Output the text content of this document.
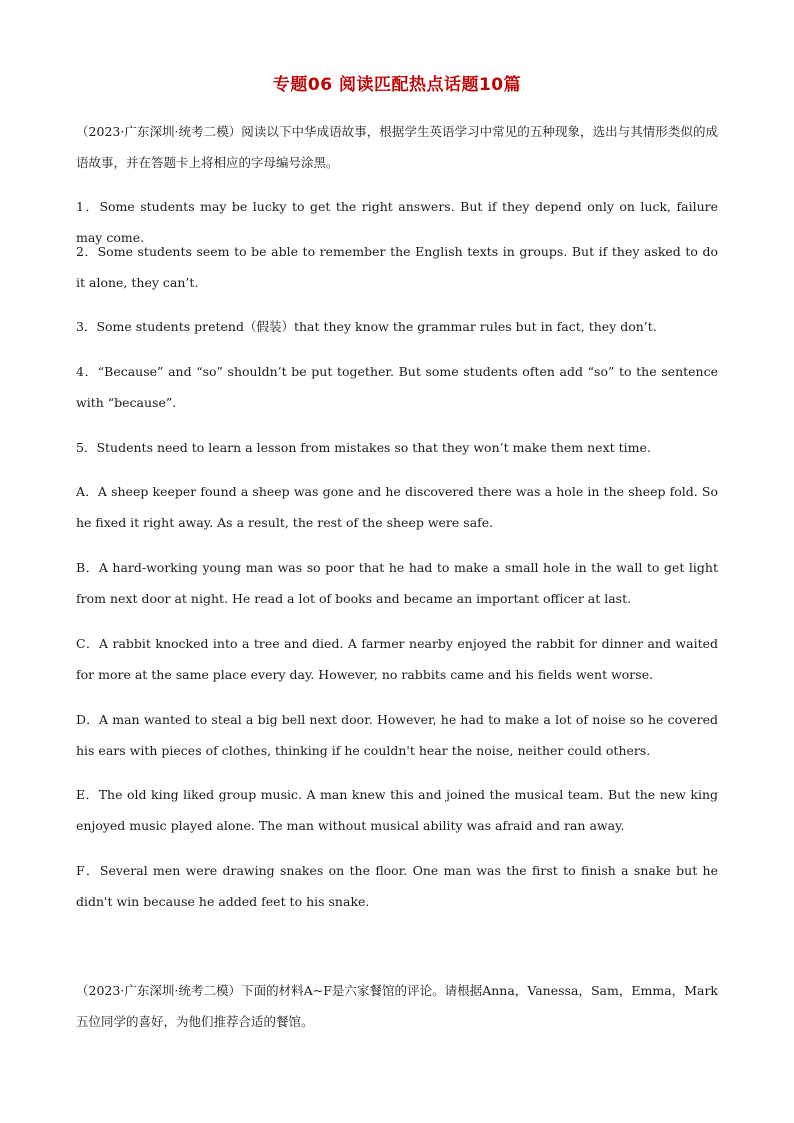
专题06 阅读匹配热点话题10篇
（2023·广东深圳·统考二模）阅读以下中华成语故事，根据学生英语学习中常见的五种现象，选出与其情形类似的成语故事，并在答题卡上将相应的字母编号涂黑。
1．Some students may be lucky to get the right answers. But if they depend only on luck, failure may come.
2．Some students seem to be able to remember the English texts in groups. But if they asked to do it alone, they can’t.
3．Some students pretend（假装）that they know the grammar rules but in fact, they don’t.
4．“Because” and “so” shouldn’t be put together. But some students often add “so” to the sentence with “because”.
5．Students need to learn a lesson from mistakes so that they won’t make them next time.
A．A sheep keeper found a sheep was gone and he discovered there was a hole in the sheep fold. So he fixed it right away. As a result, the rest of the sheep were safe.
B．A hard-working young man was so poor that he had to make a small hole in the wall to get light from next door at night. He read a lot of books and became an important officer at last.
C．A rabbit knocked into a tree and died. A farmer nearby enjoyed the rabbit for dinner and waited for more at the same place every day. However, no rabbits came and his fields went worse.
D．A man wanted to steal a big bell next door. However, he had to make a lot of noise so he covered his ears with pieces of clothes, thinking if he couldn't hear the noise, neither could others.
E．The old king liked group music. A man knew this and joined the musical team. But the new king enjoyed music played alone. The man without musical ability was afraid and ran away.
F．Several men were drawing snakes on the floor. One man was the first to finish a snake but he didn't win because he added feet to his snake.
（2023·广东深圳·统考二模）下面的材料A~F是六家餐馆的评论。请根据Anna，Vanessa，Sam，Emma，Mark五位同学的喜好，为他们推荐合适的餐馆。
